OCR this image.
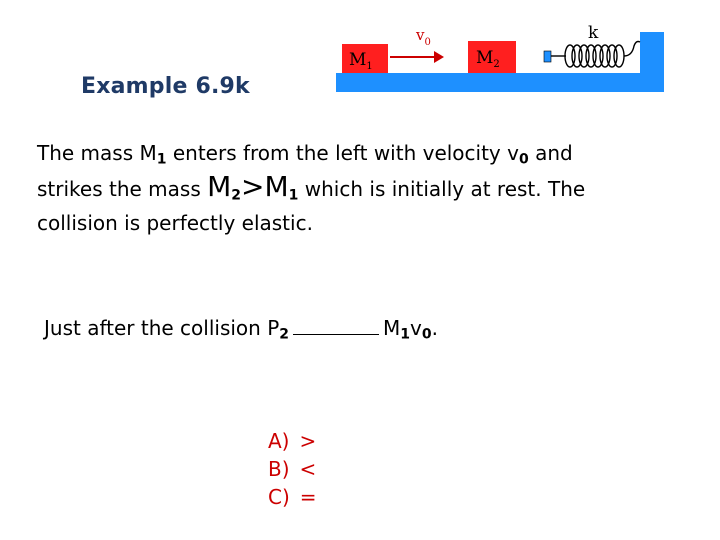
$M_1$
$v_0$
$M_2$
k
Example 6.9k
The mass $M_1$ enters from the left with velocity $v_0$ and
strikes the mass $M_2>M_1$ which is initially at rest. The
collision is perfectly elastic.
Just after the collision $P_2$	$M_1v_0$.
A) >
B) <
C) =
